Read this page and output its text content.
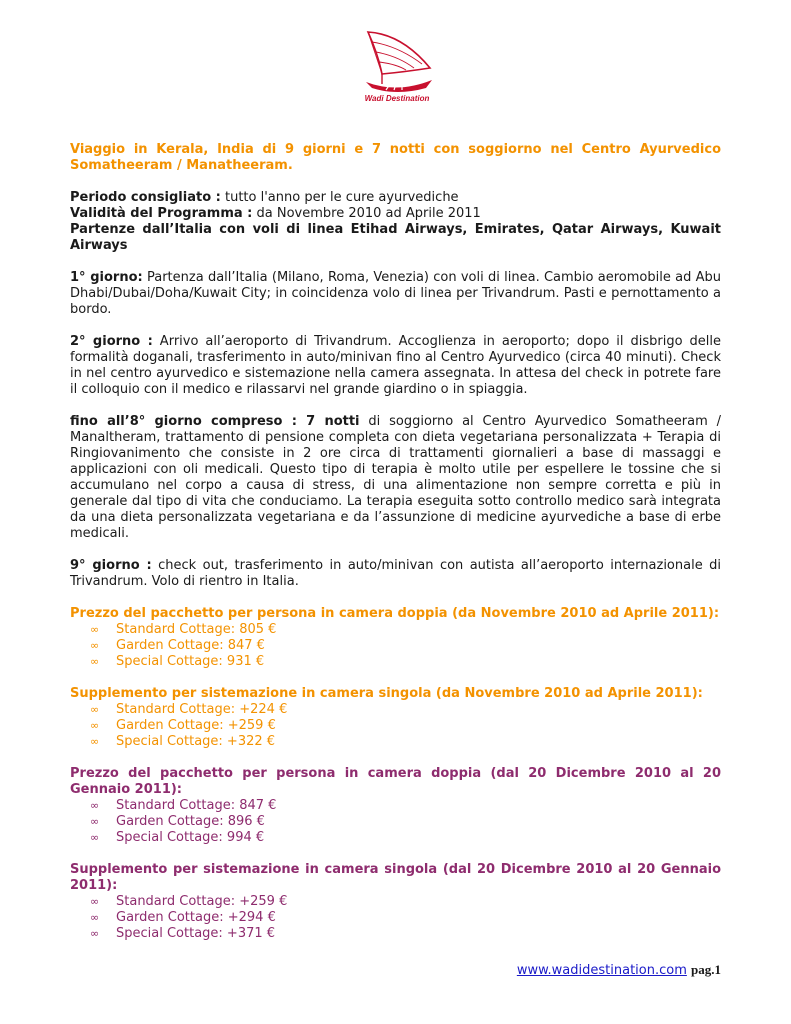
Wadi Destination

Viaggio in Kerala, India di 9 giorni e 7 notti con soggiorno nel Centro Ayurvedico Somatheeram / Manatheeram.

Periodo consigliato : tutto l'anno per le cure ayurvediche

Validità del Programma : da Novembre 2010 ad Aprile 2011

Partenze dall’Italia con voli di linea Etihad Airways, Emirates, Qatar Airways, Kuwait Airways

1° giorno: Partenza dall’Italia (Milano, Roma, Venezia) con voli di linea. Cambio aeromobile ad Abu Dhabi/Dubai/Doha/Kuwait City; in coincidenza volo di linea per Trivandrum. Pasti e pernottamento a bordo.

2° giorno : Arrivo all’aeroporto di Trivandrum. Accoglienza in aeroporto; dopo il disbrigo delle formalità doganali, trasferimento in auto/minivan fino al Centro Ayurvedico (circa 40 minuti). Check in nel centro ayurvedico e sistemazione nella camera assegnata. In attesa del check in potrete fare il colloquio con il medico e rilassarvi nel grande giardino o in spiaggia.

fino all’8° giorno compreso : 7 notti di soggiorno al Centro Ayurvedico Somatheeram / Manaltheram, trattamento di pensione completa con dieta vegetariana personalizzata + Terapia di Ringiovanimento che consiste in 2 ore circa di trattamenti giornalieri a base di massaggi e applicazioni con oli medicali. Questo tipo di terapia è molto utile per espellere le tossine che si accumulano nel corpo a causa di stress, di una alimentazione non sempre corretta e più in generale dal tipo di vita che conduciamo. La terapia eseguita sotto controllo medico sarà integrata da una dieta personalizzata vegetariana e da l’assunzione di medicine ayurvediche a base di erbe medicali.

9° giorno : check out, trasferimento in auto/minivan con autista all’aeroporto internazionale di Trivandrum. Volo di rientro in Italia.

Prezzo del pacchetto per persona in camera doppia (da Novembre 2010 ad Aprile 2011):

∞ Standard Cottage: 805 €
∞ Garden Cottage: 847 €
∞ Special Cottage: 931 €

Supplemento per sistemazione in camera singola (da Novembre 2010 ad Aprile 2011):

∞ Standard Cottage: +224 €
∞ Garden Cottage: +259 €
∞ Special Cottage: +322 €

Prezzo del pacchetto per persona in camera doppia (dal 20 Dicembre 2010 al 20 Gennaio 2011):

∞ Standard Cottage: 847 €
∞ Garden Cottage: 896 €
∞ Special Cottage: 994 €

Supplemento per sistemazione in camera singola (dal 20 Dicembre 2010 al 20 Gennaio 2011):

∞ Standard Cottage: +259 €
∞ Garden Cottage: +294 €
∞ Special Cottage: +371 €
www.wadidestination.com pag.1
